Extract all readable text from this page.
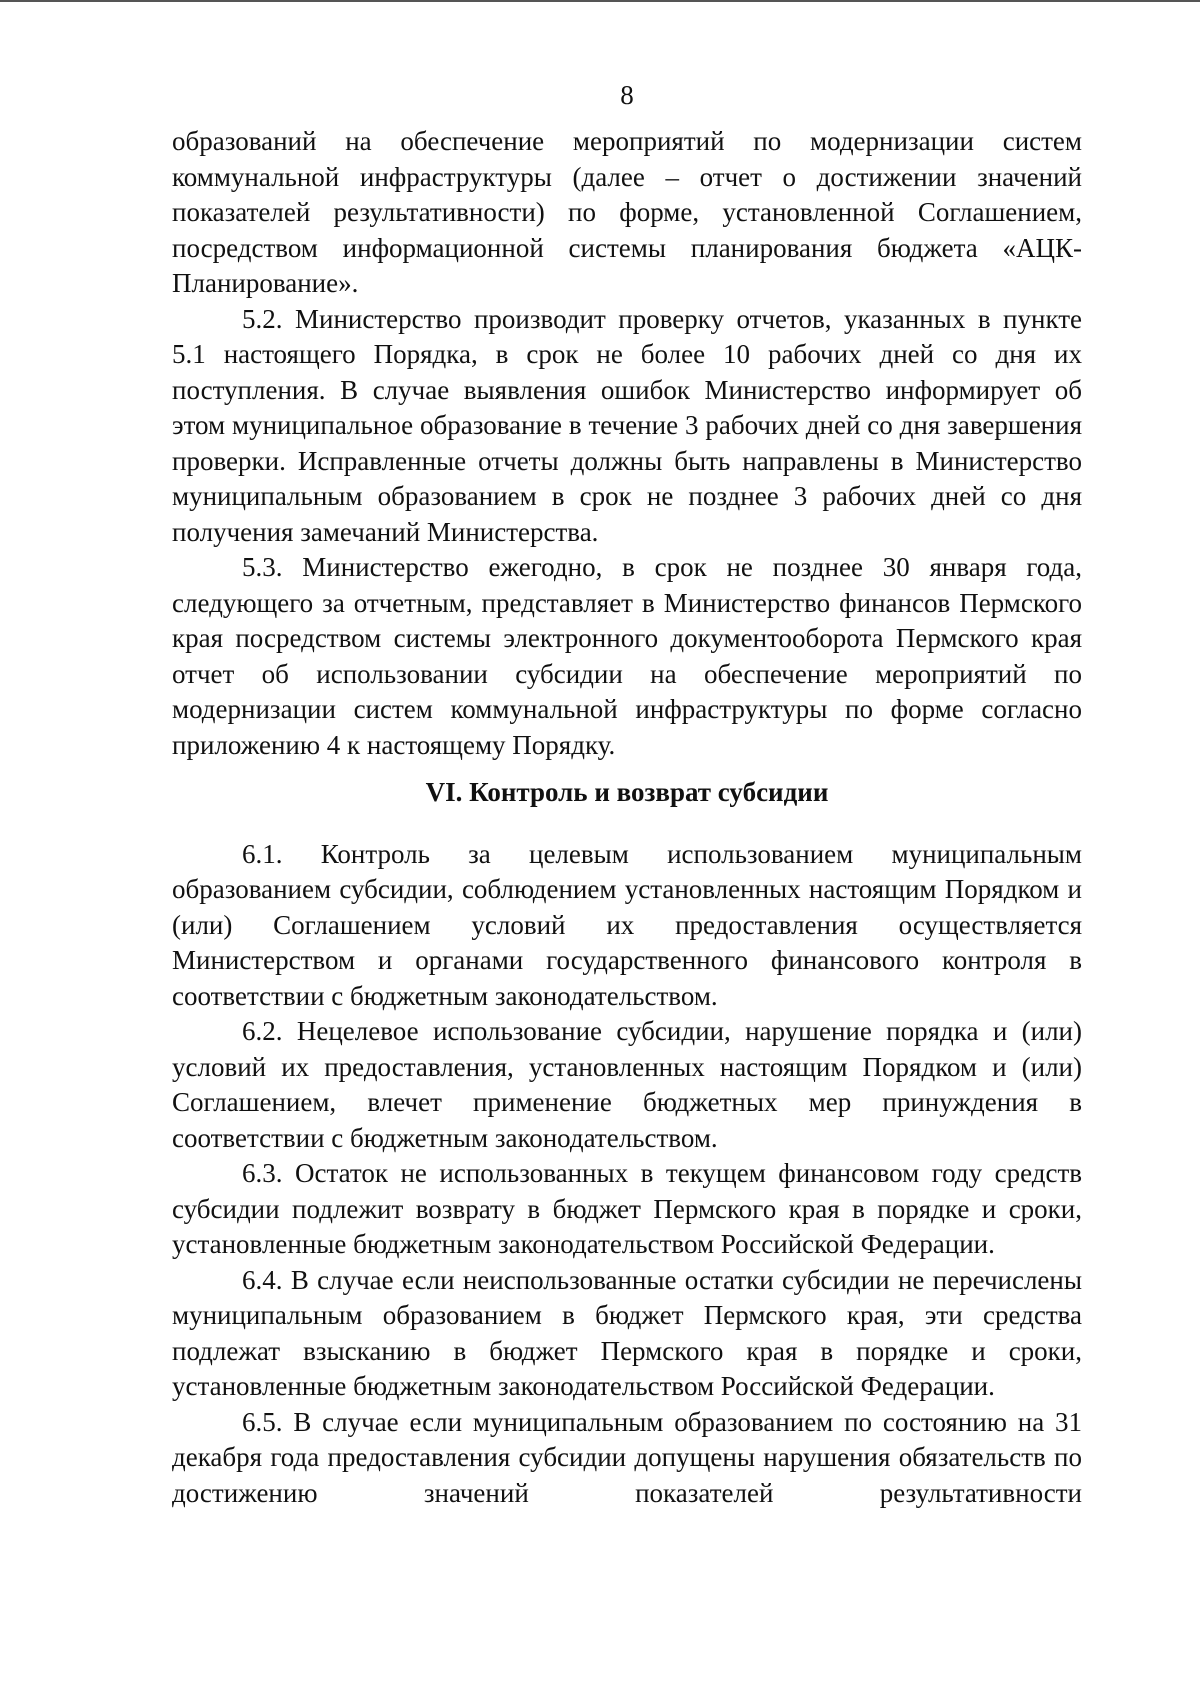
8

образований на обеспечение мероприятий по модернизации систем коммунальной инфраструктуры (далее – отчет о достижении значений показателей результативности) по форме, установленной Соглашением, посредством информационной системы планирования бюджета «АЦК-Планирование».

5.2. Министерство производит проверку отчетов, указанных в пункте 5.1 настоящего Порядка, в срок не более 10 рабочих дней со дня их поступления. В случае выявления ошибок Министерство информирует об этом муниципальное образование в течение 3 рабочих дней со дня завершения проверки. Исправленные отчеты должны быть направлены в Министерство муниципальным образованием в срок не позднее 3 рабочих дней со дня получения замечаний Министерства.

5.3. Министерство ежегодно, в срок не позднее 30 января года, следующего за отчетным, представляет в Министерство финансов Пермского края посредством системы электронного документооборота Пермского края отчет об использовании субсидии на обеспечение мероприятий по модернизации систем коммунальной инфраструктуры по форме согласно приложению 4 к настоящему Порядку.

VI. Контроль и возврат субсидии

6.1. Контроль за целевым использованием муниципальным образованием субсидии, соблюдением установленных настоящим Порядком и (или) Соглашением условий их предоставления осуществляется Министерством и органами государственного финансового контроля в соответствии с бюджетным законодательством.

6.2. Нецелевое использование субсидии, нарушение порядка и (или) условий их предоставления, установленных настоящим Порядком и (или) Соглашением, влечет применение бюджетных мер принуждения в соответствии с бюджетным законодательством.

6.3. Остаток не использованных в текущем финансовом году средств субсидии подлежит возврату в бюджет Пермского края в порядке и сроки, установленные бюджетным законодательством Российской Федерации.

6.4. В случае если неиспользованные остатки субсидии не перечислены муниципальным образованием в бюджет Пермского края, эти средства подлежат взысканию в бюджет Пермского края в порядке и сроки, установленные бюджетным законодательством Российской Федерации.

6.5. В случае если муниципальным образованием по состоянию на 31 декабря года предоставления субсидии допущены нарушения обязательств по достижению значений показателей результативности
